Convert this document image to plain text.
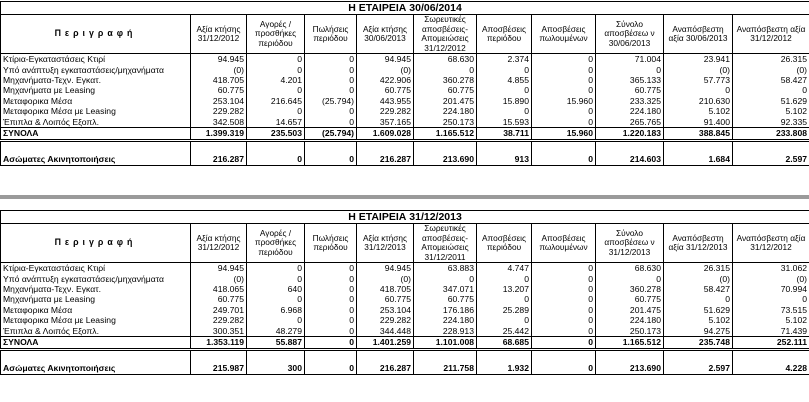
Η ΕΤΑΙΡΕΙΑ 30/06/2014										
Περιγραφή	Αξία κτήσης 31/12/2012	Αγορές / προσθήκες περιόδου	Πωλήσεις περιόδου	Αξία κτήσης 30/06/2013	Σωρευτικές αποσβέσεις-Απομειώσεις 31/12/2012	Αποσβέσεις περιόδου	Αποσβέσεις πωλουμένων	Σύνολο αποσβέσεω ν 30/06/2013	Αναπόσβεστη αξία 30/06/2013	Αναπόσβεστη αξία 31/12/2012
Κτίρια-Εγκαταστάσεις Κτιρί	94.945	0	0	94.945	68.630	2.374	0	71.004	23.941	26.315
Υπό ανάπτυξη εγκαταστάσεις/μηχανήματα	(0)	0	0	(0)	0	0	0	0	(0)	(0)
Μηχανήματα-Τεχν. Εγκατ.	418.705	4.201	0	422.906	360.278	4.855	0	365.133	57.773	58.427
Μηχανήματα με Leasing	60.775	0	0	60.775	60.775	0	0	60.775	0	0
Μεταφορικα Μέσα	253.104	216.645	(25.794)	443.955	201.475	15.890	15.960	233.325	210.630	51.629
Μεταφορικα Μέσα με Leasing	229.282	0	0	229.282	224.180	0	0	224.180	5.102	5.102
Έπιπλα & Λοιπός Εξοπλ.	342.508	14.657	0	357.165	250.173	15.593	0	265.765	91.400	92.335
ΣΥΝΟΛΑ	1.399.319	235.503	(25.794)	1.609.028	1.165.512	38.711	15.960	1.220.183	388.845	233.808

Ασώματες Ακινητοποιήσεις	216.287	0	0	216.287	213.690	913	0	214.603	1.684	2.597
Η ΕΤΑΙΡΕΙΑ 31/12/2013										
Περιγραφή	Αξία κτήσης 31/12/2012	Αγορές / προσθήκες περιόδου	Πωλήσεις περιόδου	Αξία κτήσης 31/12/2013	Σωρευτικές αποσβέσεις-Απομειώσεις 31/12/2011	Αποσβέσεις περιόδου	Αποσβέσεις πωλουμένων	Σύνολο αποσβέσεω ν 31/12/2013	Αναπόσβεστη αξία 31/12/2013	Αναπόσβεστη αξία 31/12/2012
Κτίρια-Εγκαταστάσεις Κτιρί	94.945	0	0	94.945	63.883	4.747	0	68.630	26.315	31.062
Υπό ανάπτυξη εγκαταστάσεις/μηχανήματα	(0)	0	0	(0)	0	0	0	0	(0)	(0)
Μηχανήματα-Τεχν. Εγκατ.	418.065	640	0	418.705	347.071	13.207	0	360.278	58.427	70.994
Μηχανήματα με Leasing	60.775	0	0	60.775	60.775	0	0	60.775	0	0
Μεταφορικα Μέσα	249.701	6.968	0	253.104	176.186	25.289	0	201.475	51.629	73.515
Μεταφορικα Μέσα με Leasing	229.282	0	0	229.282	224.180	0	0	224.180	5.102	5.102
Έπιπλα & Λοιπός Εξοπλ.	300.351	48.279	0	344.448	228.913	25.442	0	250.173	94.275	71.439
ΣΥΝΟΛΑ	1.353.119	55.887	0	1.401.259	1.101.008	68.685	0	1.165.512	235.748	252.111

Ασώματες Ακινητοποιήσεις	215.987	300	0	216.287	211.758	1.932	0	213.690	2.597	4.228
